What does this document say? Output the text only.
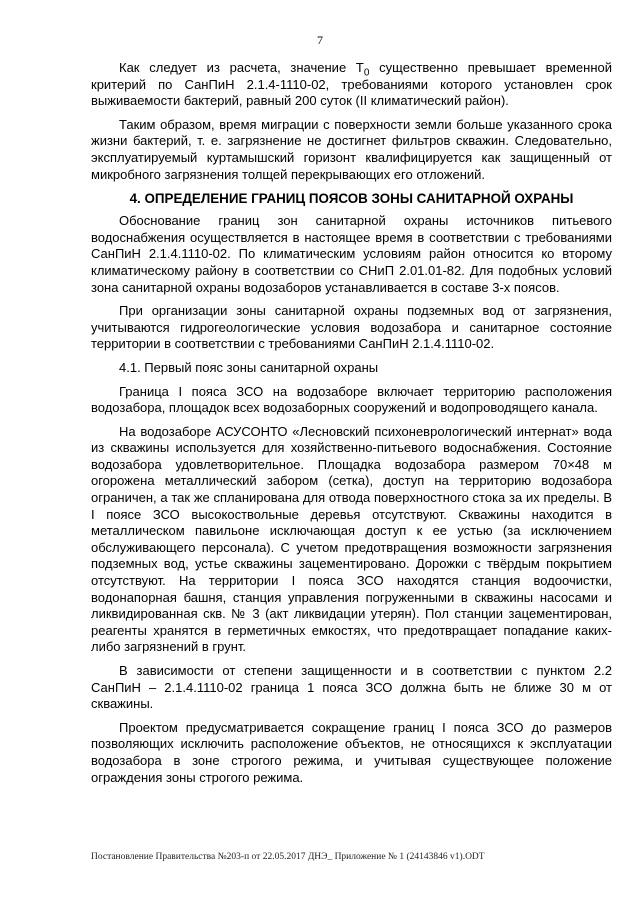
7

Как следует из расчета, значение $T_0$ существенно превышает временной критерий по СанПиН 2.1.4-1110-02, требованиями которого установлен срок выживаемости бактерий, равный 200 суток (II климатический район).

Таким образом, время миграции с поверхности земли больше указанного срока жизни бактерий, т. е. загрязнение не достигнет фильтров скважин. Следовательно, эксплуатируемый куртамышский горизонт квалифицируется как защищенный от микробного загрязнения толщей перекрывающих его отложений.

4. ОПРЕДЕЛЕНИЕ ГРАНИЦ ПОЯСОВ ЗОНЫ САНИТАРНОЙ ОХРАНЫ

Обоснование границ зон санитарной охраны источников питьевого водоснабжения осуществляется в настоящее время в соответствии с требованиями СанПиН 2.1.4.1110-02. По климатическим условиям район относится ко второму климатическому району в соответствии со СНиП 2.01.01-82. Для подобных условий зона санитарной охраны водозаборов устанавливается в составе 3-х поясов.

При организации зоны санитарной охраны подземных вод от загрязнения, учитываются гидрогеологические условия водозабора и санитарное состояние территории в соответствии с требованиями СанПиН 2.1.4.1110-02.

4.1. Первый пояс зоны санитарной охраны

Граница I пояса ЗСО на водозаборе включает территорию расположения водозабора, площадок всех водозаборных сооружений и водопроводящего канала.

На водозаборе АСУСОНТО «Лесновский психоневрологический интернат» вода из скважины используется для хозяйственно-питьевого водоснабжения. Состояние водозабора удовлетворительное. Площадка водозабора размером 70×48 м огорожена металлический забором (сетка), доступ на территорию водозабора ограничен, а так же спланирована для отвода поверхностного стока за их пределы. В I поясе ЗСО высокоствольные деревья отсутствуют. Скважины находится в металлическом павильоне исключающая доступ к ее устью (за исключением обслуживающего персонала). С учетом предотвращения возможности загрязнения подземных вод, устье скважины зацементировано. Дорожки с твёрдым покрытием отсутствуют. На территории I пояса ЗСО находятся станция водоочистки, водонапорная башня, станция управления погруженными в скважины насосами и ликвидированная скв. № 3 (акт ликвидации утерян). Пол станции зацементирован, реагенты хранятся в герметичных емкостях, что предотвращает попадание каких-либо загрязнений в грунт.

В зависимости от степени защищенности и в соответствии с пунктом 2.2 СанПиН – 2.1.4.1110-02 граница 1 пояса ЗСО должна быть не ближе 30 м от скважины.

Проектом предусматривается сокращение границ I пояса ЗСО до размеров позволяющих исключить расположение объектов, не относящихся к эксплуатации водозабора в зоне строгого режима, и учитывая существующее положение ограждения зоны строгого режима.

Постановление Правительства №203-п от 22.05.2017 ДНЭ_ Приложение № 1 (24143846 v1).ODT
